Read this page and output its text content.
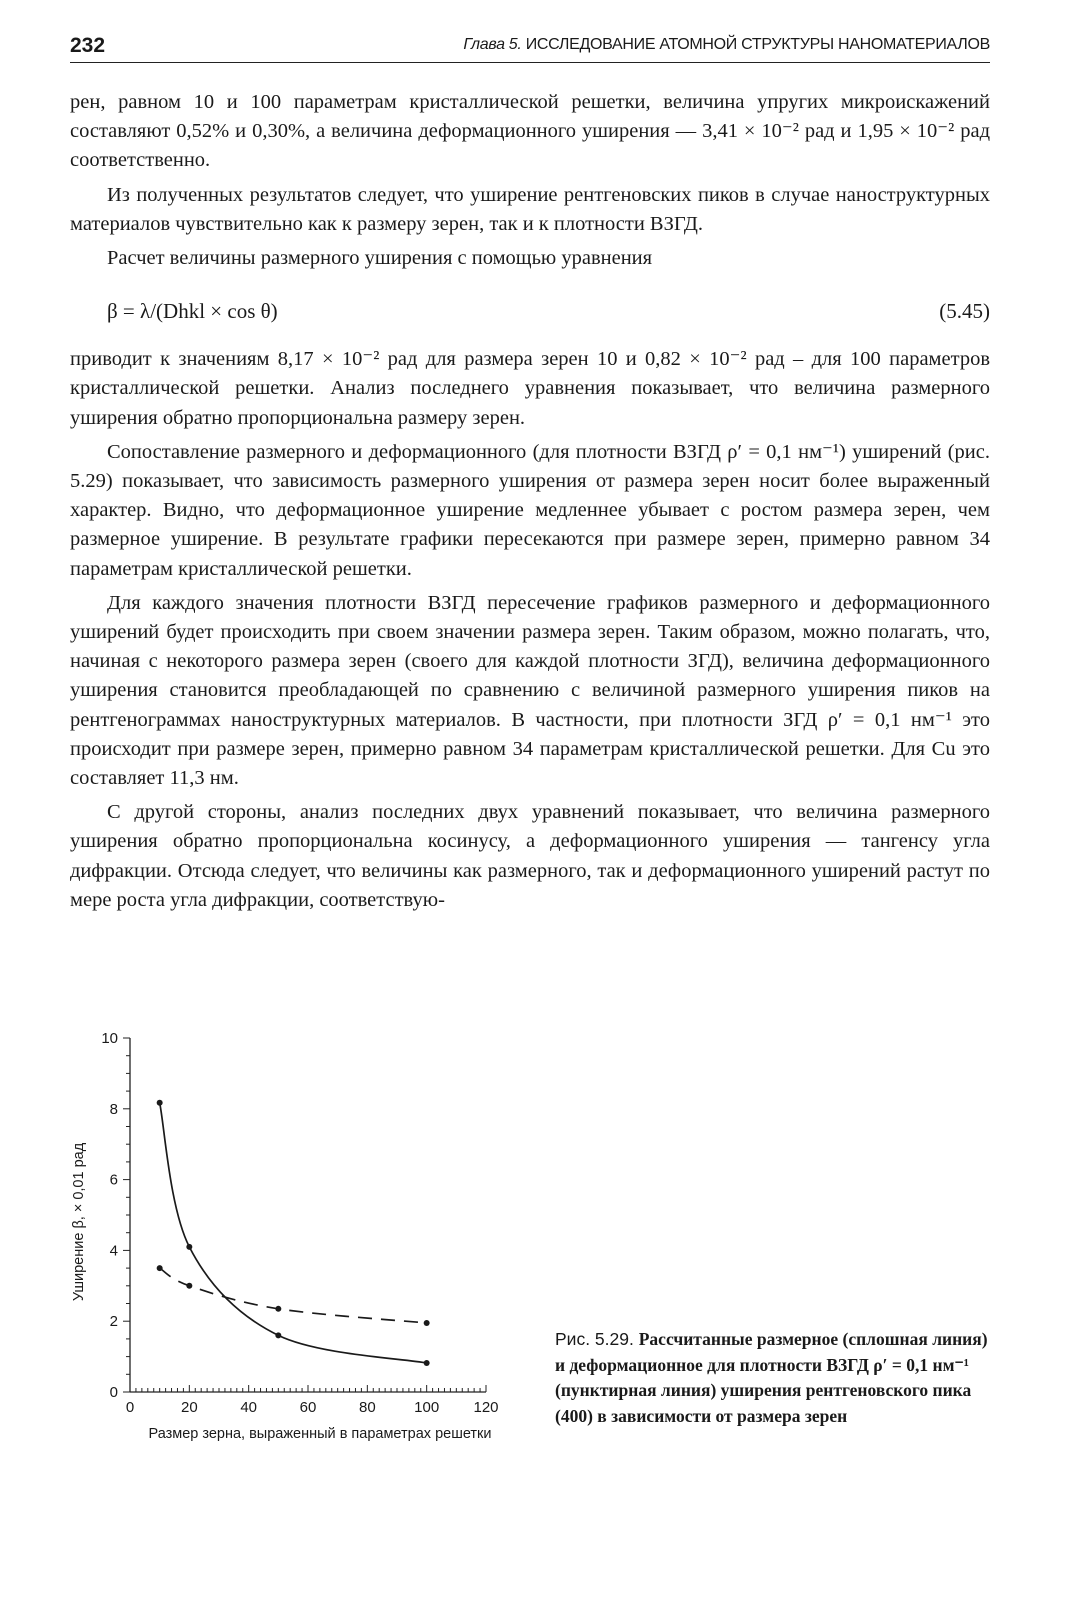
232	Глава 5. ИССЛЕДОВАНИЕ АТОМНОЙ СТРУКТУРЫ НАНОМАТЕРИАЛОВ

рен, равном 10 и 100 параметрам кристаллической решетки, величина упругих микроискажений составляют 0,52% и 0,30%, а величина деформационного уширения — 3,41 × 10⁻² рад и 1,95 × 10⁻² рад соответственно.

Из полученных результатов следует, что уширение рентгеновских пиков в случае наноструктурных материалов чувствительно как к размеру зерен, так и к плотности ВЗГД.

Расчет величины размерного уширения с помощью уравнения

β = λ/(Dhkl × cos θ)	(5.45)

приводит к значениям 8,17 × 10⁻² рад для размера зерен 10 и 0,82 × 10⁻² рад – для 100 параметров кристаллической решетки. Анализ последнего уравнения показывает, что величина размерного уширения обратно пропорциональна размеру зерен.

Сопоставление размерного и деформационного (для плотности ВЗГД ρ′ = 0,1 нм⁻¹) уширений (рис. 5.29) показывает, что зависимость размерного уширения от размера зерен носит более выраженный характер. Видно, что деформационное уширение медленнее убывает с ростом размера зерен, чем размерное уширение. В результате графики пересекаются при размере зерен, примерно равном 34 параметрам кристаллической решетки.

Для каждого значения плотности ВЗГД пересечение графиков размерного и деформационного уширений будет происходить при своем значении размера зерен. Таким образом, можно полагать, что, начиная с некоторого размера зерен (своего для каждой плотности ЗГД), величина деформационного уширения становится преобладающей по сравнению с величиной размерного уширения пиков на рентгенограммах наноструктурных материалов. В частности, при плотности ЗГД ρ′ = 0,1 нм⁻¹ это происходит при размере зерен, примерно равном 34 параметрам кристаллической решетки. Для Cu это составляет 11,3 нм.

С другой стороны, анализ последних двух уравнений показывает, что величина размерного уширения обратно пропорциональна косинусу, а деформационного уширения — тангенсу угла дифракции. Отсюда следует, что величины как размерного, так и деформационного уширений растут по мере роста угла дифракции, соответствую-

0	20	40	60	80	100 120
0
2
4
6
8
10
Размер зерна, выраженный в параметрах решетки
Уширение β, × 0,01 рад
Рис. 5.29. Рассчитанные размерное (сплошная линия) и деформационное для плотности ВЗГД ρ′ = 0,1 нм⁻¹ (пунктирная линия) уширения рентгеновского пика (400) в зависимости от размера зерен
